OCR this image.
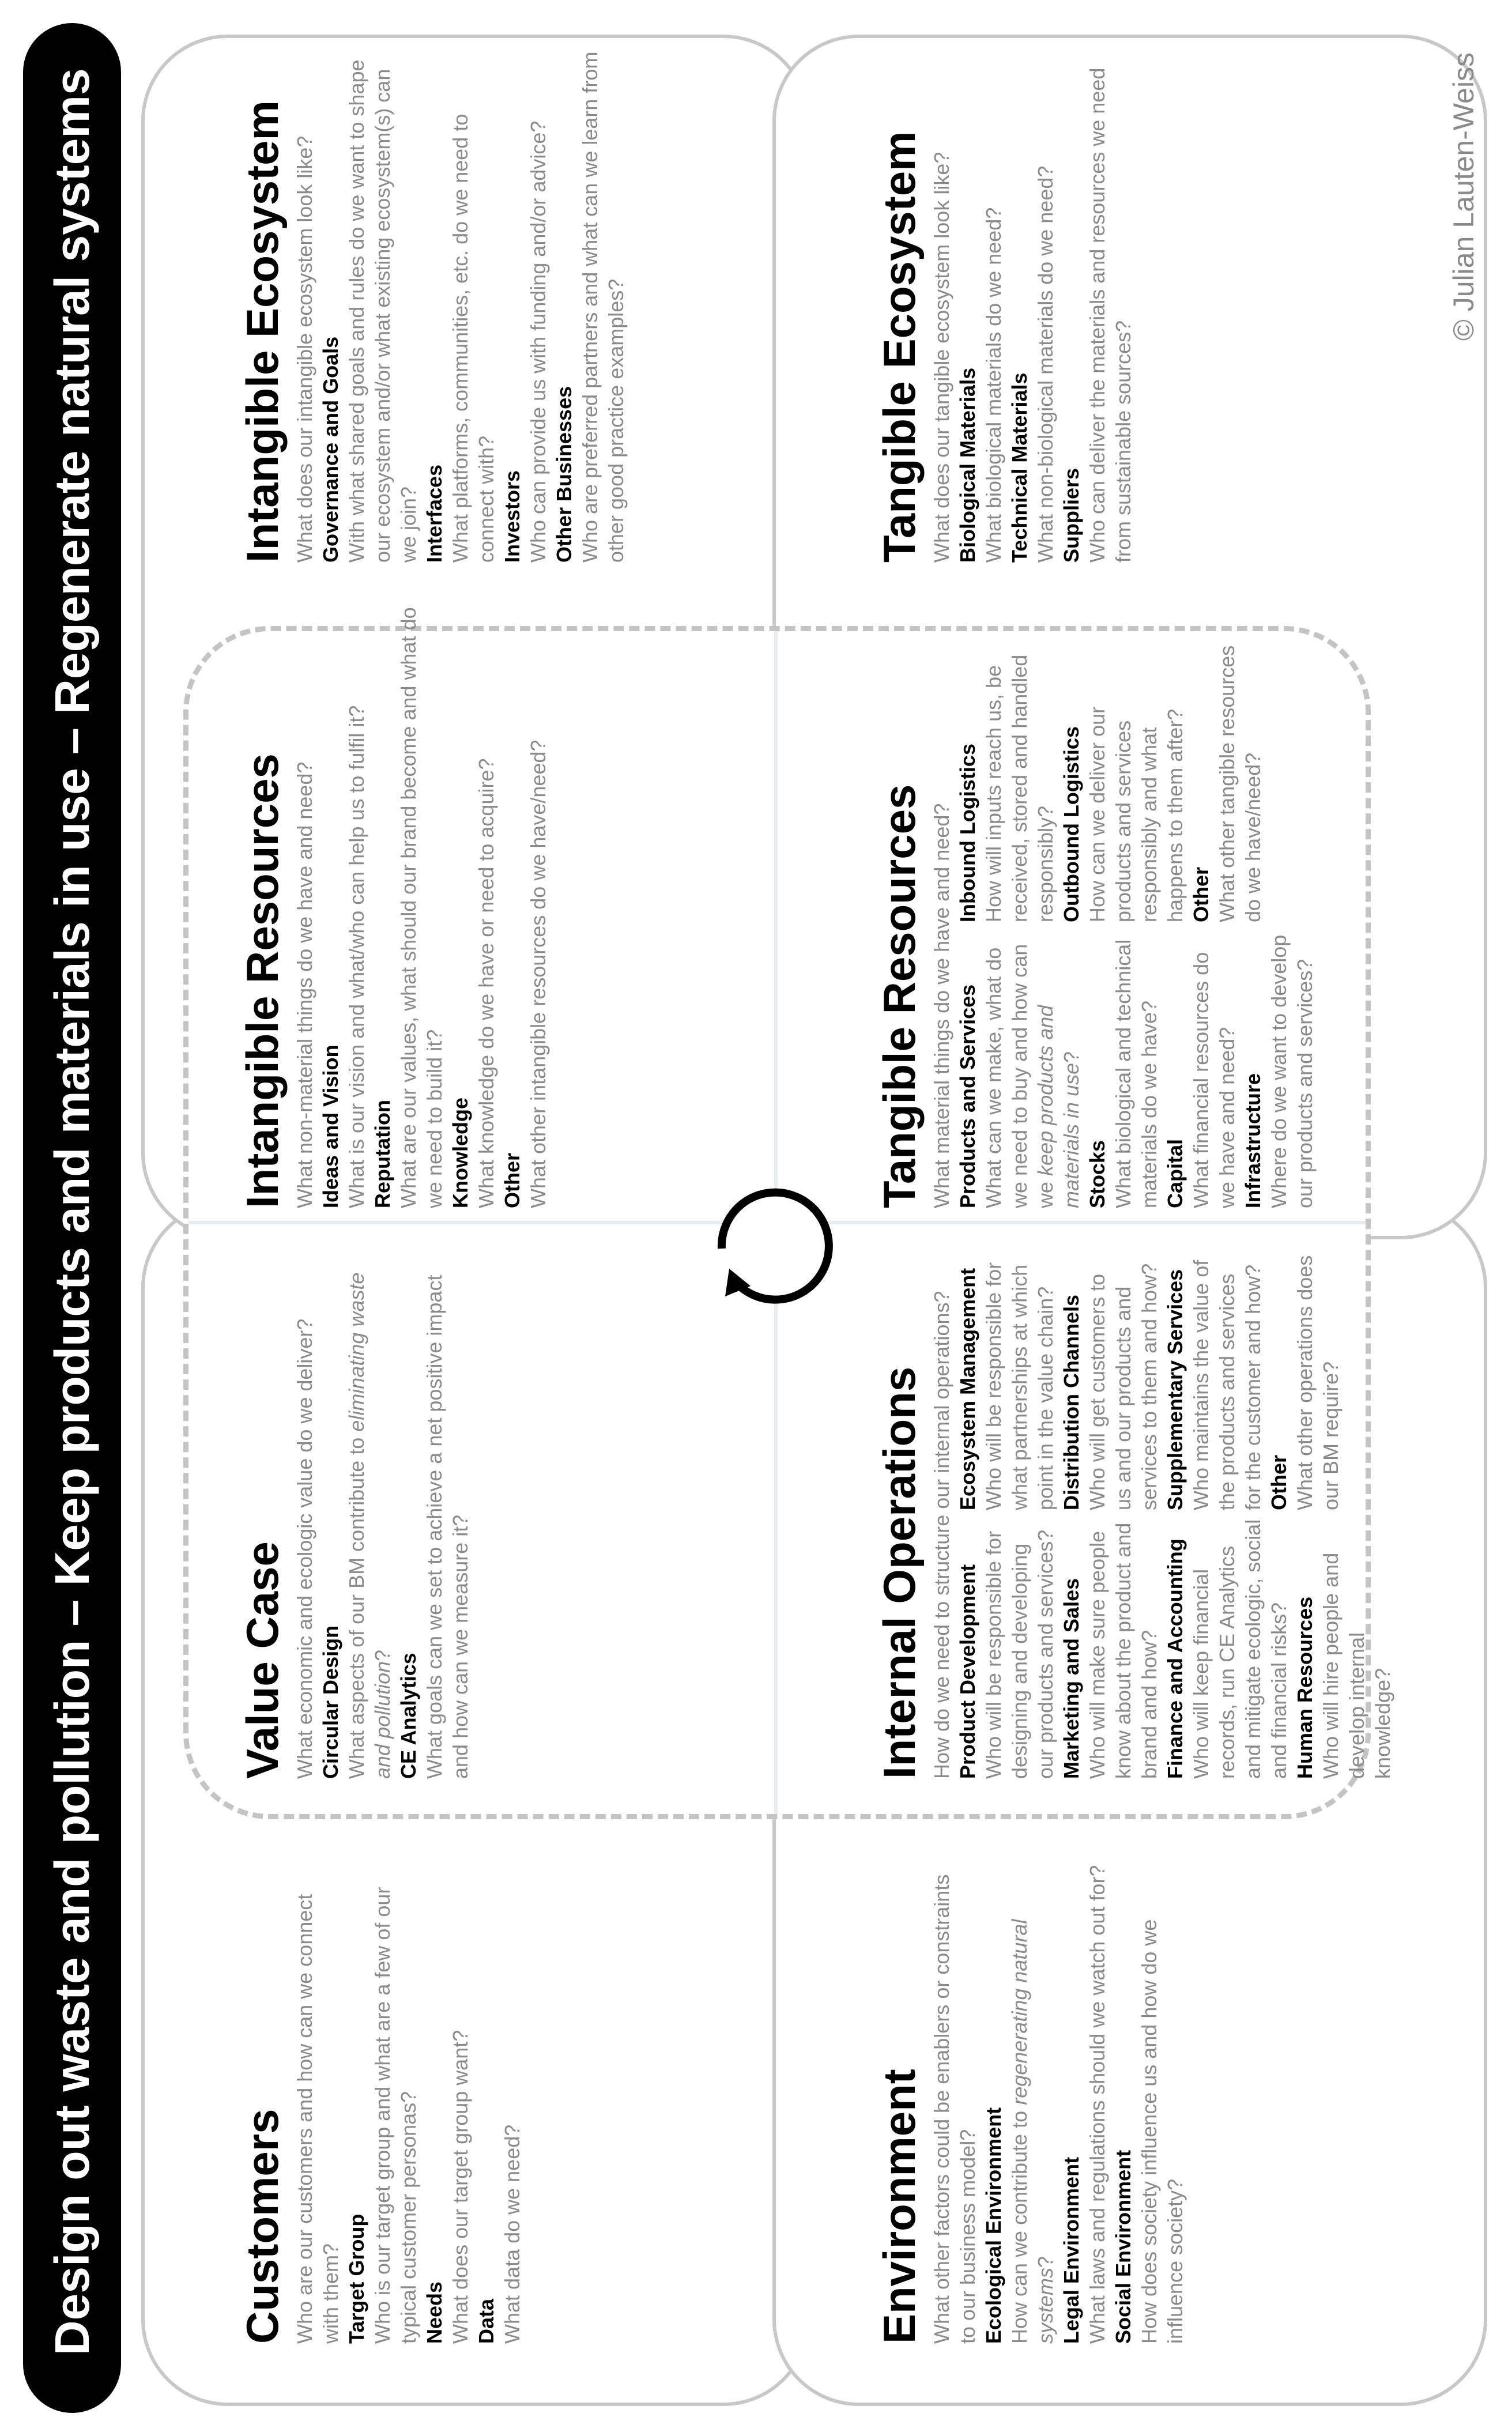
Design out waste and pollution – Keep products and materials in use – Regenerate natural systems	Customers Who are our customers and how can we connect with them? Target Group Who is our target group and what are a few of our typical customer personas? Needs What does our target group want? Data What data do we need?
Value Case What economic and ecologic value do we deliver? Circular Design What aspects of our BM contribute to eliminating waste and pollution? CE Analytics What goals can we set to achieve a net positive impact and how can we measure it?
Intangible Resources What non-material things do we have and need? Ideas and Vision What is our vision and what/who can help us to fulfil it? Reputation What are our values, what should our brand become and what do we need to build it? Knowledge What knowledge do we have or need to acquire? Other What other intangible resources do we have/need?
Intangible Ecosystem What does our intangible ecosystem look like? Governance and Goals With what shared goals and rules do we want to shape our ecosystem and/or what existing ecosystem(s) can we join? Interfaces What platforms, communities, etc. do we need to connect with? Investors Who can provide us with funding and/or advice? Other Businesses Who are preferred partners and what can we learn from other good practice examples?
Environment What other factors could be enablers or constraints to our business model? Ecological Environment How can we contribute to regenerating natural systems? Legal Environment What laws and regulations should we watch out for? Social Environment How does society influence us and how do we influence society?
Internal Operations How do we need to structure our internal operations? Product Development Who will be responsible for designing and developing our products and services? Marketing and Sales Who will make sure people know about the product and brand and how? Finance and Accounting Who will keep financial records, run CE Analytics and mitigate ecologic, social and financial risks? Human Resources Who will hire people and develop internal knowledge?
Ecosystem Management Who will be responsible for what partnerships at which point in the value chain? Distribution Channels Who will get customers to us and our products and services to them and how? Supplementary Services Who maintains the value of the products and services for the customer and how? Other What other operations does our BM require?
Tangible Resources What material things do we have and need? Products and Services What can we make, what do we need to buy and how can we keep products and materials in use?
Stocks What biological and technical materials do we have? Capital What financial resources do we have and need? Infrastructure Where do we want to develop our products and services?
Inbound Logistics How will inputs reach us, be received, stored and handled responsibly? Outbound Logistics How can we deliver our products and services responsibly and what happens to them after? Other What other tangible resources do we have/need?
Tangible Ecosystem What does our tangible ecosystem look like? Biological Materials What biological materials do we need? Technical Materials What non-biological materials do we need? Suppliers Who can deliver the materials and resources we need from sustainable sources?
© Julian Lauten-Weiss
